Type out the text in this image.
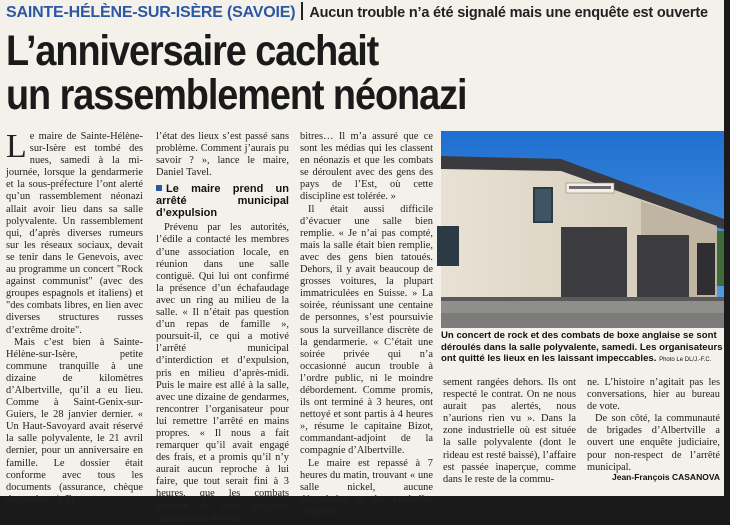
SAINTE-HÉLÈNE-SUR-ISÈRE (SAVOIE) Aucun trouble n’a été signalé mais une enquête est ouverte
L’anniversaire cachait
un rassemblement néonazi

Le maire de Sainte-Hélène-sur-Isère est tombé des nues, samedi à la mi-journée, lorsque la gendarmerie et la sous-préfecture l’ont alerté qu’un rassemblement néonazi allait avoir lieu dans sa salle polyvalente. Un rassemblement qui, d’après diverses rumeurs sur les réseaux sociaux, devait se tenir dans le Genevois, avec au programme un concert "Rock against communist" (avec des groupes espagnols et italiens) et "des combats libres, en lien avec diverses structures russes d’extrême droite".

Mais c’est bien à Sainte-Hélène-sur-Isère, petite commune tranquille à une dizaine de kilomètres d’Albertville, qu’il a eu lieu. Comme à Saint-Genix-sur-Guiers, le 28 janvier dernier. « Un Haut-Savoyard avait réservé la salle polyvalente, le 21 avril dernier, pour un anniversaire en famille. Le dossier était conforme avec tous les documents (assurance, chèque de caution...). Et

l’état des lieux s’est passé sans problème. Comment j’aurais pu savoir ? », lance le maire, Daniel Tavel.

Le maire prend un arrêté municipal d’expulsion

Prévenu par les autorités, l’édile a contacté les membres d’une association locale, en réunion dans une salle contiguë. Qui lui ont confirmé la présence d’un échafaudage avec un ring au milieu de la salle. « Il n’était pas question d’un repas de famille », poursuit-il, ce qui a motivé l’arrêté municipal d’interdiction et d’expulsion, pris en milieu d’après-midi. Puis le maire est allé à la salle, avec une dizaine de gendarmes, rencontrer l’organisateur pour lui remettre l’arrêté en mains propres. « Il nous a fait remarquer qu’il avait engagé des frais, et a promis qu’il n’y aurait aucun reproche à lui faire, que tout serait fini à 3 heures, que les combats seraient de boxe anglaise, réglementés, avec ar-

bitres… Il m’a assuré que ce sont les médias qui les classent en néonazis et que les combats se déroulent avec des gens des pays de l’Est, où cette discipline est tolérée. »

Il était aussi difficile d’évacuer une salle bien remplie. « Je n’ai pas compté, mais la salle était bien remplie, avec des gens bien tatoués. Dehors, il y avait beaucoup de grosses voitures, la plupart immatriculées en Suisse. » La soirée, réunissant une centaine de personnes, s’est poursuivie sous la surveillance discrète de la gendarmerie. « C’était une soirée privée qui n’a occasionné aucun trouble à l’ordre public, ni le moindre débordement. Comme promis, ils ont terminé à 3 heures, ont nettoyé et sont partis à 4 heures », résume le capitaine Bizot, commandant-adjoint de la compagnie d’Albertville.

Le maire est repassé à 7 heures du matin, trouvant « une salle nickel, aucune dégradation et des poubelles soigneu-

Un concert de rock et des combats de boxe anglaise se sont déroulés dans la salle polyvalente, samedi. Les organisateurs ont quitté les lieux en les laissant impeccables. Photo Le DL/J.-F.C.

sement rangées dehors. Ils ont respecté le contrat. On ne nous aurait pas alertés, nous n’aurions rien vu ». Dans la zone industrielle où est située la salle polyvalente (dont le rideau est resté baissé), l’affaire est passée inaperçue, comme dans le reste de la commu-

ne. L’histoire n’agitait pas les conversations, hier au bureau de vote.

De son côté, la communauté de brigades d’Albertville a ouvert une enquête judiciaire, pour non-respect de l’arrêté municipal.

Jean-François CASANOVA
